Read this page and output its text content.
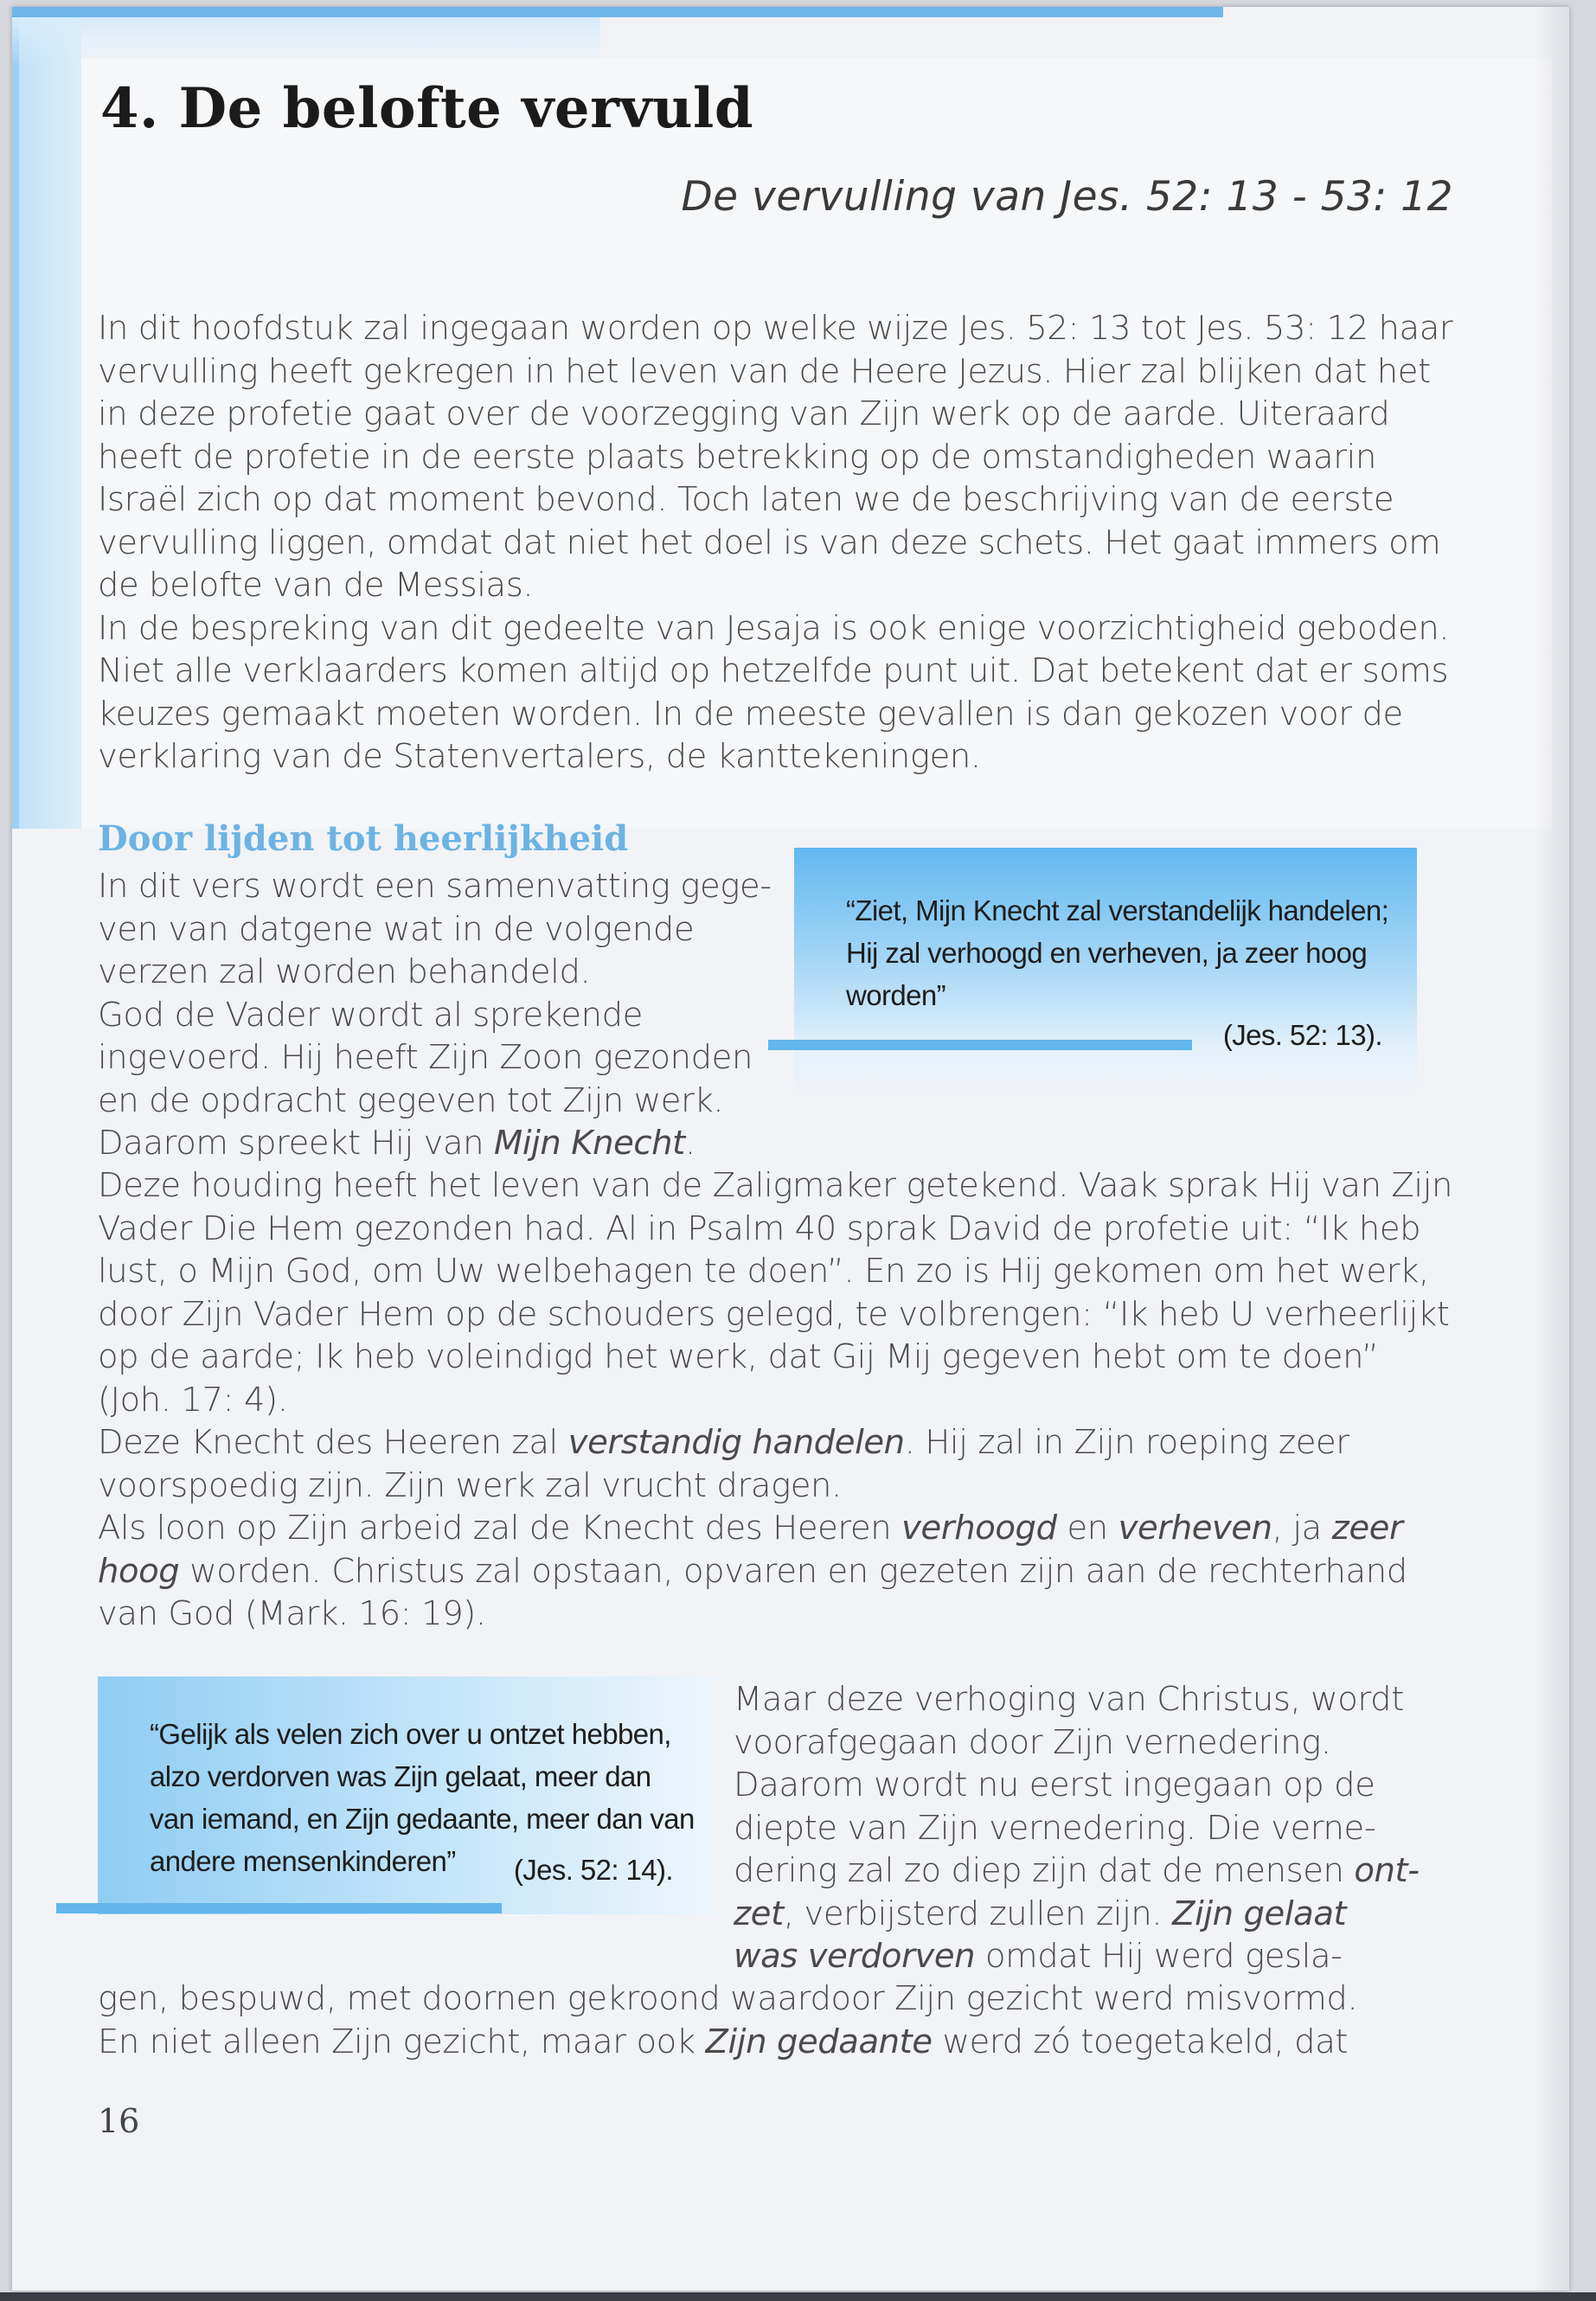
4. De belofte vervuld

De vervulling van Jes. 52: 13 - 53: 12

In dit hoofdstuk zal ingegaan worden op welke wijze Jes. 52: 13 tot Jes. 53: 12 haar vervulling heeft gekregen in het leven van de Heere Jezus. Hier zal blijken dat het in deze profetie gaat over de voorzegging van Zijn werk op de aarde. Uiteraard heeft de profetie in de eerste plaats betrekking op de omstandigheden waarin Israël zich op dat moment bevond. Toch laten we de beschrijving van de eerste vervulling liggen, omdat dat niet het doel is van deze schets. Het gaat immers om de belofte van de Messias.

In de bespreking van dit gedeelte van Jesaja is ook enige voorzichtigheid geboden. Niet alle verklaarders komen altijd op hetzelfde punt uit. Dat betekent dat er soms keuzes gemaakt moeten worden. In de meeste gevallen is dan gekozen voor de verklaring van de Statenvertalers, de kanttekeningen.

Door lijden tot heerlijkheid

“Ziet, Mijn Knecht zal verstandelijk handelen; Hij zal verhoogd en verheven, ja zeer hoog worden”

(Jes. 52: 13).

In dit vers wordt een samenvatting gege-

ven van datgene wat in de volgende

verzen zal worden behandeld.

God de Vader wordt al sprekende

ingevoerd. Hij heeft Zijn Zoon gezonden

en de opdracht gegeven tot Zijn werk.

Daarom spreekt Hij van Mijn Knecht.

Deze houding heeft het leven van de Zaligmaker getekend. Vaak sprak Hij van Zijn Vader Die Hem gezonden had. Al in Psalm 40 sprak David de profetie uit: “Ik heb lust, o Mijn God, om Uw welbehagen te doen”. En zo is Hij gekomen om het werk, door Zijn Vader Hem op de schouders gelegd, te volbrengen: “Ik heb U verheerlijkt op de aarde; Ik heb voleindigd het werk, dat Gij Mij gegeven hebt om te doen” (Joh. 17: 4).

Deze Knecht des Heeren zal verstandig handelen. Hij zal in Zijn roeping zeer voorspoedig zijn. Zijn werk zal vrucht dragen.

Als loon op Zijn arbeid zal de Knecht des Heeren verhoogd en verheven, ja zeer hoog worden. Christus zal opstaan, opvaren en gezeten zijn aan de rechterhand van God (Mark. 16: 19).

“Gelijk als velen zich over u ontzet hebben, alzo verdorven was Zijn gelaat, meer dan van iemand, en Zijn gedaante, meer dan van andere mensenkinderen”	(Jes. 52: 14).

Maar deze verhoging van Christus, wordt

voorafgegaan door Zijn vernedering.

Daarom wordt nu eerst ingegaan op de

diepte van Zijn vernedering. Die verne-

dering zal zo diep zijn dat de mensen ont-

zet, verbijsterd zullen zijn. Zijn gelaat

was verdorven omdat Hij werd gesla-

gen, bespuwd, met doornen gekroond waardoor Zijn gezicht werd misvormd.

En niet alleen Zijn gezicht, maar ook Zijn gedaante werd zó toegetakeld, dat

16
